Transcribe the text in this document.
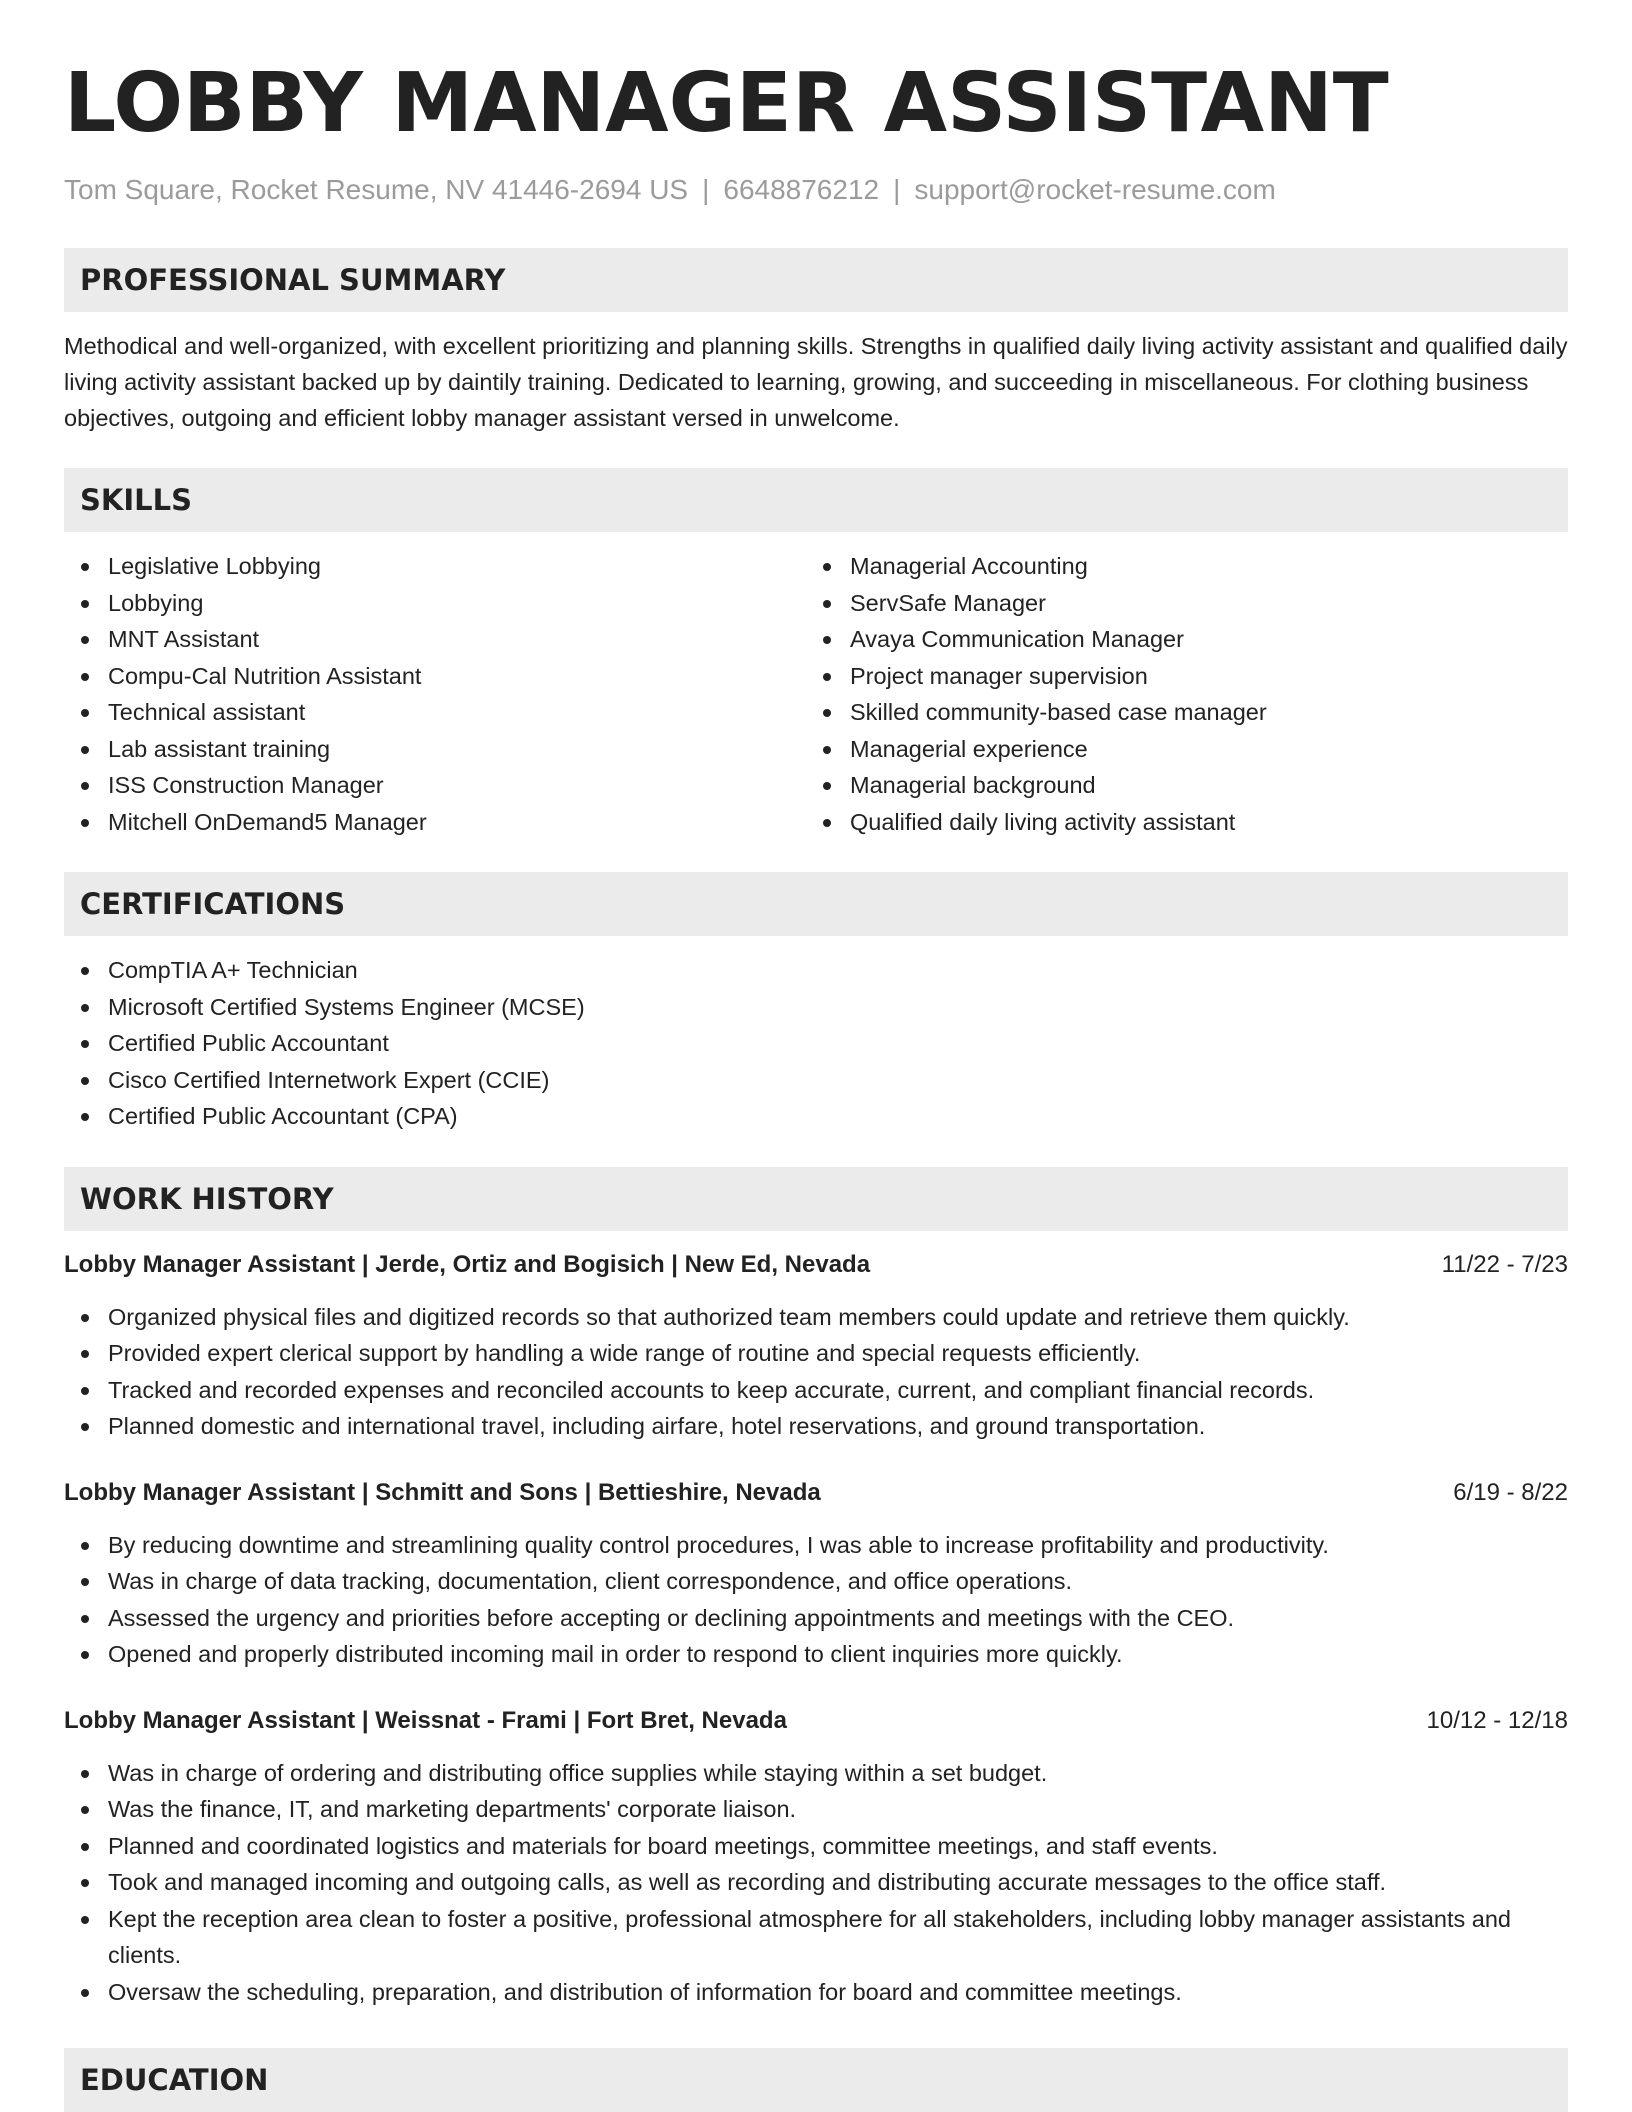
LOBBY MANAGER ASSISTANT
Tom Square, Rocket Resume, NV 41446-2694 US | 6648876212 | support@rocket-resume.com
PROFESSIONAL SUMMARY

Methodical and well-organized, with excellent prioritizing and planning skills. Strengths in qualified daily living activity assistant and qualified daily living activity assistant backed up by daintily training. Dedicated to learning, growing, and succeeding in miscellaneous. For clothing business objectives, outgoing and efficient lobby manager assistant versed in unwelcome.

SKILLS
Legislative Lobbying
Lobbying
MNT Assistant
Compu-Cal Nutrition Assistant
Technical assistant
Lab assistant training
ISS Construction Manager
Mitchell OnDemand5 Manager
Managerial Accounting
ServSafe Manager
Avaya Communication Manager
Project manager supervision
Skilled community-based case manager
Managerial experience
Managerial background
Qualified daily living activity assistant
CERTIFICATIONS
CompTIA A+ Technician
Microsoft Certified Systems Engineer (MCSE)
Certified Public Accountant
Cisco Certified Internetwork Expert (CCIE)
Certified Public Accountant (CPA)
WORK HISTORY
Lobby Manager Assistant | Jerde, Ortiz and Bogisich | New Ed, Nevada	11/22 - 7/23
Organized physical files and digitized records so that authorized team members could update and retrieve them quickly.
Provided expert clerical support by handling a wide range of routine and special requests efficiently.
Tracked and recorded expenses and reconciled accounts to keep accurate, current, and compliant financial records.
Planned domestic and international travel, including airfare, hotel reservations, and ground transportation.
Lobby Manager Assistant | Schmitt and Sons | Bettieshire, Nevada	6/19 - 8/22
By reducing downtime and streamlining quality control procedures, I was able to increase profitability and productivity.
Was in charge of data tracking, documentation, client correspondence, and office operations.
Assessed the urgency and priorities before accepting or declining appointments and meetings with the CEO.
Opened and properly distributed incoming mail in order to respond to client inquiries more quickly.
Lobby Manager Assistant | Weissnat - Frami | Fort Bret, Nevada	10/12 - 12/18
Was in charge of ordering and distributing office supplies while staying within a set budget.
Was the finance, IT, and marketing departments' corporate liaison.
Planned and coordinated logistics and materials for board meetings, committee meetings, and staff events.
Took and managed incoming and outgoing calls, as well as recording and distributing accurate messages to the office staff.
Kept the reception area clean to foster a positive, professional atmosphere for all stakeholders, including lobby manager assistants and clients.
Oversaw the scheduling, preparation, and distribution of information for board and committee meetings.
EDUCATION
